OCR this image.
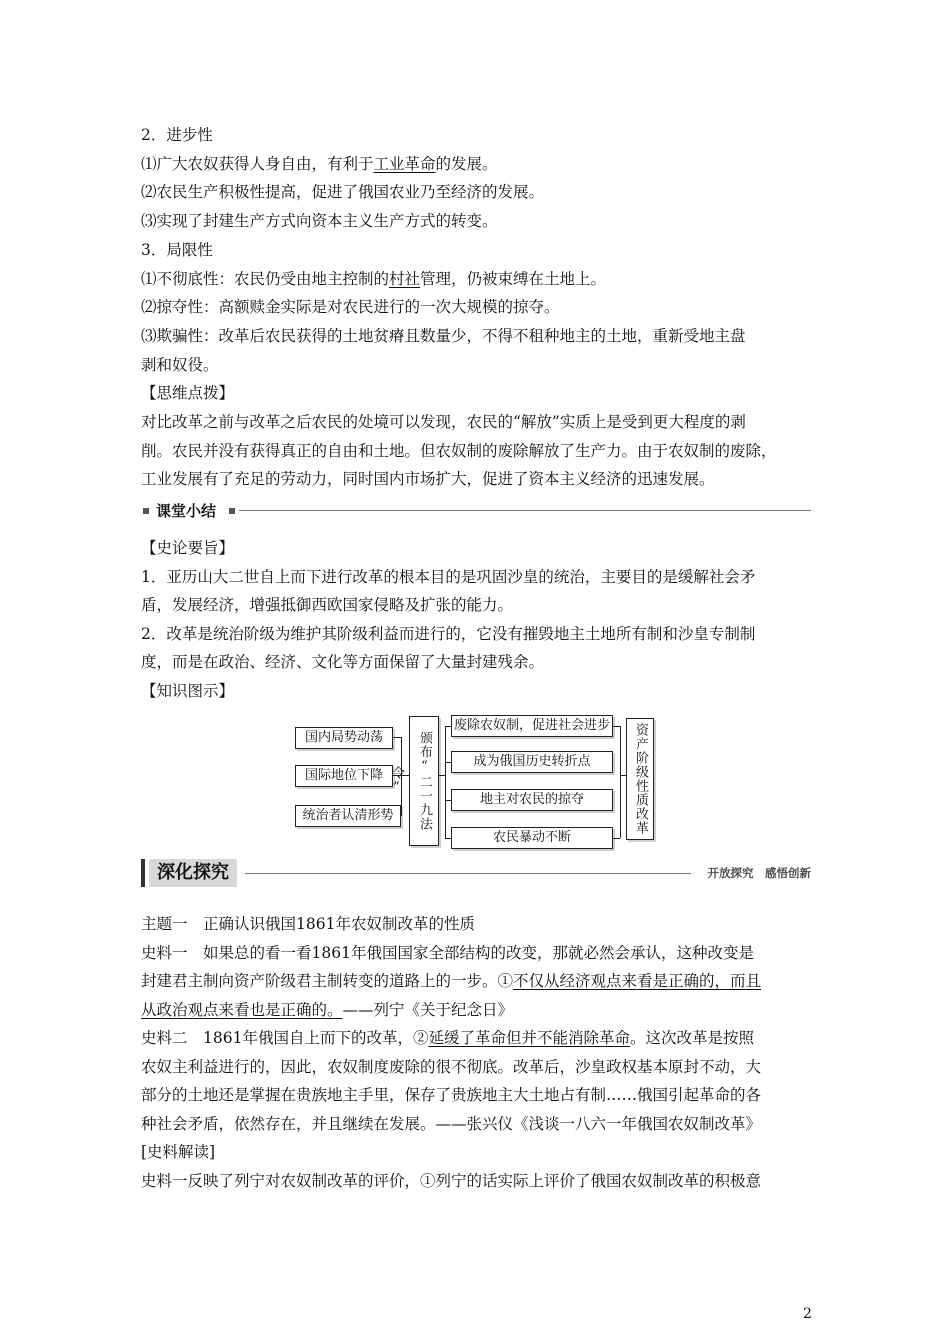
2．进步性
⑴广大农奴获得人身自由，有利于工业革命的发展。
⑵农民生产积极性提高，促进了俄国农业乃至经济的发展。
⑶实现了封建生产方式向资本主义生产方式的转变。
3．局限性
⑴不彻底性：农民仍受由地主控制的村社管理，仍被束缚在土地上。
⑵掠夺性：高额赎金实际是对农民进行的一次大规模的掠夺。
⑶欺骗性：改革后农民获得的土地贫瘠且数量少，不得不租种地主的土地，重新受地主盘
剥和奴役。
【思维点拨】
对比改革之前与改革之后农民的处境可以发现，农民的“解放”实质上是受到更大程度的剥
削。农民并没有获得真正的自由和土地。但农奴制的废除解放了生产力。由于农奴制的废除，
工业发展有了充足的劳动力，同时国内市场扩大，促进了资本主义经济的迅速发展。
课堂小结
【史论要旨】
1．亚历山大二世自上而下进行改革的根本目的是巩固沙皇的统治，主要目的是缓解社会矛
盾，发展经济，增强抵御西欧国家侵略及扩张的能力。
2．改革是统治阶级为维护其阶级利益而进行的，它没有摧毁地主土地所有制和沙皇专制制
度，而是在政治、经济、文化等方面保留了大量封建残余。
【知识图示】
国内局势动荡
国际地位下降
统治者认清形势	颁布“二一九法令”
废除农奴制，促进社会进步
成为俄国历史转折点
地主对农民的掠夺
农民暴动不断
资产阶级性质改革
深化探究	开放探究　感悟创新
主题一　正确认识俄国1861年农奴制改革的性质
史料一　如果总的看一看1861年俄国国家全部结构的改变，那就必然会承认，这种改变是
封建君主制向资产阶级君主制转变的道路上的一步。①不仅从经济观点来看是正确的，而且
从政治观点来看也是正确的。——列宁《关于纪念日》
史料二　1861年俄国自上而下的改革，②延缓了革命但并不能消除革命。这次改革是按照
农奴主利益进行的，因此，农奴制度废除的很不彻底。改革后，沙皇政权基本原封不动，大
部分的土地还是掌握在贵族地主手里，保存了贵族地主大土地占有制……俄国引起革命的各
种社会矛盾，依然存在，并且继续在发展。——张兴仪《浅谈一八六一年俄国农奴制改革》
[史料解读]
史料一反映了列宁对农奴制改革的评价，①列宁的话实际上评价了俄国农奴制改革的积极意
2
